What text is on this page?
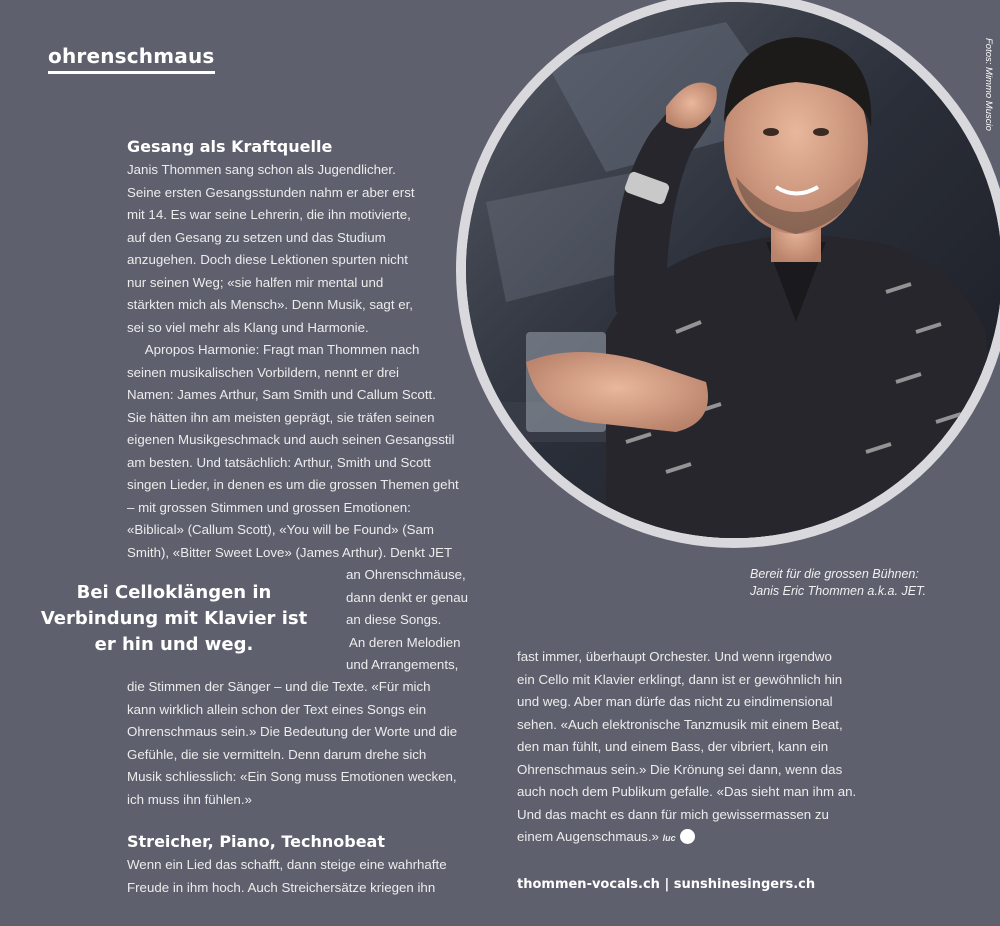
ohrenschmaus	Fotos: Mimmo Muscio
Bereit für die grossen Bühnen:
Janis Eric Thommen a.k.a. JET.
Gesang als Kraftquelle
Janis Thommen sang schon als Jugendlicher.
Seine ersten Gesangsstunden nahm er aber erst
mit 14. Es war seine Lehrerin, die ihn motivierte,
auf den Gesang zu setzen und das Studium
anzugehen. Doch diese Lektionen spurten nicht
nur seinen Weg; «sie halfen mir mental und
stärkten mich als Mensch». Denn Musik, sagt er,
sei so viel mehr als Klang und Harmonie.
Apropos Harmonie: Fragt man Thommen nach
seinen musikalischen Vorbildern, nennt er drei
Namen: James Arthur, Sam Smith und Callum Scott.
Sie hätten ihn am meisten geprägt, sie träfen seinen
eigenen Musikgeschmack und auch seinen Gesangsstil
am besten. Und tatsächlich: Arthur, Smith und Scott
singen Lieder, in denen es um die grossen Themen geht
– mit grossen Stimmen und grossen Emotionen:
«Biblical» (Callum Scott), «You will be Found» (Sam
Smith), «Bitter Sweet Love» (James Arthur). Denkt JET
an Ohrenschmäuse,
dann denkt er genau
an diese Songs.
An deren Melodien
und Arrangements,
Bei Celloklängen in
Verbindung mit Klavier ist
er hin und weg.
die Stimmen der Sänger – und die Texte. «Für mich
kann wirklich allein schon der Text eines Songs ein
Ohrenschmaus sein.» Die Bedeutung der Worte und die
Gefühle, die sie vermitteln. Denn darum drehe sich
Musik schliesslich: «Ein Song muss Emotionen wecken,
ich muss ihn fühlen.»
Streicher, Piano, Technobeat
Wenn ein Lied das schafft, dann steige eine wahrhafte
Freude in ihm hoch. Auch Streichersätze kriegen ihn
fast immer, überhaupt Orchester. Und wenn irgendwo
ein Cello mit Klavier erklingt, dann ist er gewöhnlich hin
und weg. Aber man dürfe das nicht zu eindimensional
sehen. «Auch elektronische Tanzmusik mit einem Beat,
den man fühlt, und einem Bass, der vibriert, kann ein
Ohrenschmaus sein.» Die Krönung sei dann, wenn das
auch noch dem Publikum gefalle. «Das sieht man ihm an.
Und das macht es dann für mich gewissermassen zu
einem Augenschmaus.» luc
thommen-vocals.ch | sunshinesingers.ch
